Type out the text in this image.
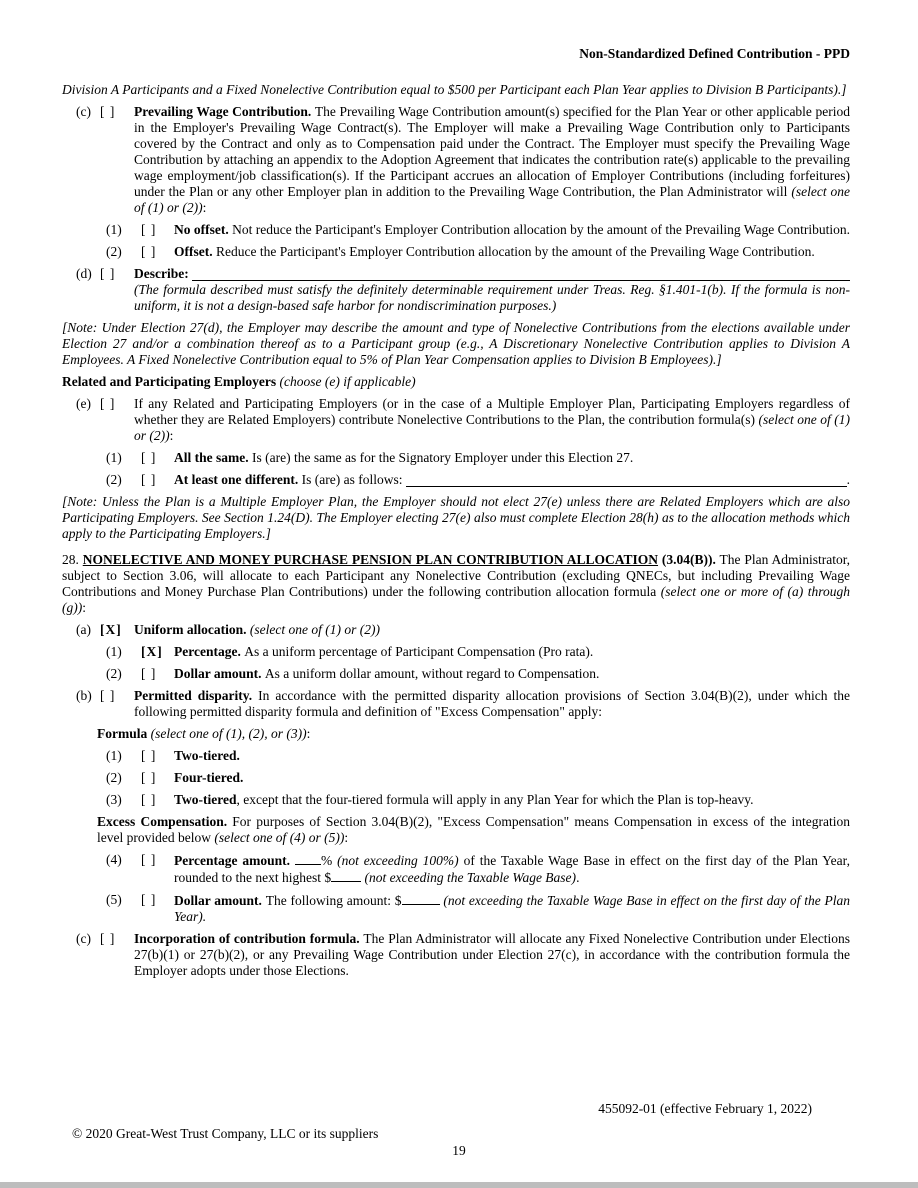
Non-Standardized Defined Contribution - PPD
Division A Participants and a Fixed Nonelective Contribution equal to $500 per Participant each Plan Year applies to Division B Participants).]
(c) [ ]	Prevailing Wage Contribution. The Prevailing Wage Contribution amount(s) specified for the Plan Year or other applicable period in the Employer's Prevailing Wage Contract(s). The Employer will make a Prevailing Wage Contribution only to Participants covered by the Contract and only as to Compensation paid under the Contract. The Employer must specify the Prevailing Wage Contribution by attaching an appendix to the Adoption Agreement that indicates the contribution rate(s) applicable to the prevailing wage employment/job classification(s). If the Participant accrues an allocation of Employer Contributions (including forfeitures) under the Plan or any other Employer plan in addition to the Prevailing Wage Contribution, the Plan Administrator will (select one of (1) or (2)):
(1)	[ ]	No offset. Not reduce the Participant's Employer Contribution allocation by the amount of the Prevailing Wage Contribution.
(2)	[ ]	Offset. Reduce the Participant's Employer Contribution allocation by the amount of the Prevailing Wage Contribution.
(d) [ ]	Describe:
(The formula described must satisfy the definitely determinable requirement under Treas. Reg. §1.401-1(b). If the formula is non-uniform, it is not a design-based safe harbor for nondiscrimination purposes.)
[Note: Under Election 27(d), the Employer may describe the amount and type of Nonelective Contributions from the elections available under Election 27 and/or a combination thereof as to a Participant group (e.g., A Discretionary Nonelective Contribution applies to Division A Employees. A Fixed Nonelective Contribution equal to 5% of Plan Year Compensation applies to Division B Employees).]
Related and Participating Employers (choose (e) if applicable)
(e) [ ]	If any Related and Participating Employers (or in the case of a Multiple Employer Plan, Participating Employers regardless of whether they are Related Employers) contribute Nonelective Contributions to the Plan, the contribution formula(s) (select one of (1) or (2)):
(1)	[ ]	All the same. Is (are) the same as for the Signatory Employer under this Election 27.
(2)	[ ]	At least one different. Is (are) as follows:	.
[Note: Unless the Plan is a Multiple Employer Plan, the Employer should not elect 27(e) unless there are Related Employers which are also Participating Employers. See Section 1.24(D). The Employer electing 27(e) also must complete Election 28(h) as to the allocation methods which apply to the Participating Employers.]
28. NONELECTIVE AND MONEY PURCHASE PENSION PLAN CONTRIBUTION ALLOCATION (3.04(B)). The Plan Administrator, subject to Section 3.06, will allocate to each Participant any Nonelective Contribution (excluding QNECs, but including Prevailing Wage Contributions and Money Purchase Plan Contributions) under the following contribution allocation formula (select one or more of (a) through (g)):
(a) [X] Uniform allocation. (select one of (1) or (2))
(1)	[X] Percentage. As a uniform percentage of Participant Compensation (Pro rata).
(2)	[ ]	Dollar amount. As a uniform dollar amount, without regard to Compensation.
(b) [ ]	Permitted disparity. In accordance with the permitted disparity allocation provisions of Section 3.04(B)(2), under which the following permitted disparity formula and definition of "Excess Compensation" apply:
Formula (select one of (1), (2), or (3)):
(1)	[ ]	Two-tiered.
(2)	[ ]	Four-tiered.
(3)	[ ]	Two-tiered, except that the four-tiered formula will apply in any Plan Year for which the Plan is top-heavy.
Excess Compensation. For purposes of Section 3.04(B)(2), "Excess Compensation" means Compensation in excess of the integration level provided below (select one of (4) or (5)):
(4)	[ ]	Percentage amount. % (not exceeding 100%) of the Taxable Wage Base in effect on the first day of the Plan Year, rounded to the next highest $ (not exceeding the Taxable Wage Base).
(5)	[ ]	Dollar amount. The following amount: $	(not exceeding the Taxable Wage Base in effect on the first day of the Plan Year).
(c) [ ]	Incorporation of contribution formula. The Plan Administrator will allocate any Fixed Nonelective Contribution under Elections 27(b)(1) or 27(b)(2), or any Prevailing Wage Contribution under Election 27(c), in accordance with the contribution formula the Employer adopts under those Elections.
455092-01 (effective February 1, 2022)
© 2020 Great-West Trust Company, LLC or its suppliers
19
